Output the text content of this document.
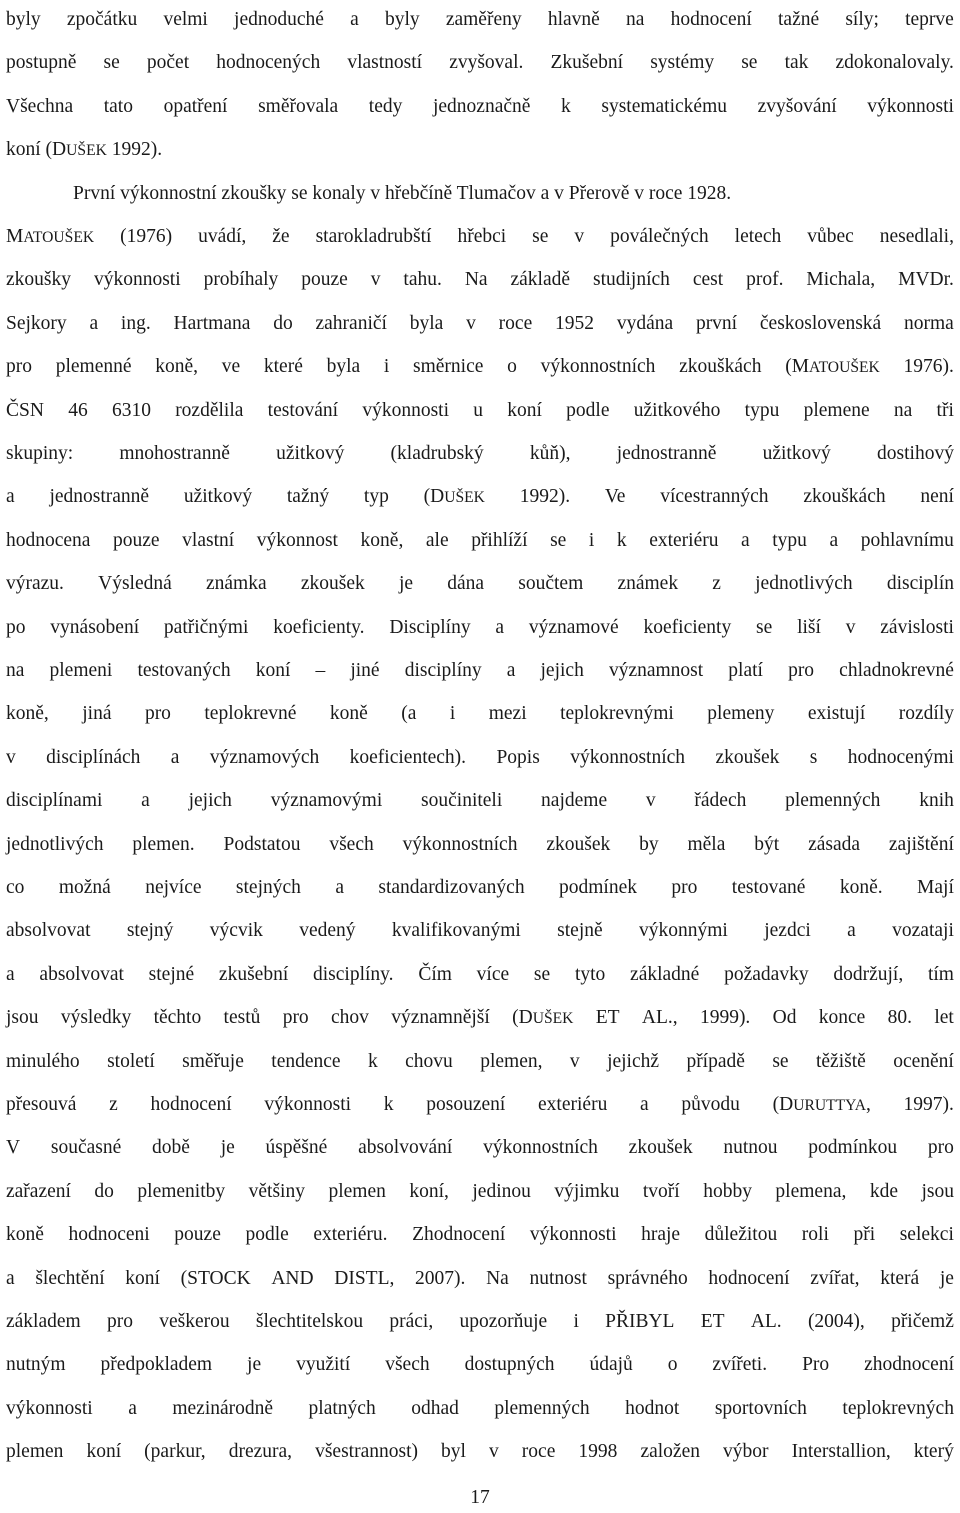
byly zpočátku velmi jednoduché a byly zaměřeny hlavně na hodnocení tažné síly; teprve
postupně se počet hodnocených vlastností zvyšoval. Zkušební systémy se tak zdokonalovaly.
Všechna tato opatření směřovala tedy jednoznačně k systematickému zvyšování výkonnosti
koní (DUŠEK 1992).
První výkonnostní zkoušky se konaly v hřebčíně Tlumačov a v Přerově v roce 1928.
MATOUŠEK (1976) uvádí, že starokladrubští hřebci se v poválečných letech vůbec nesedlali,
zkoušky výkonnosti probíhaly pouze v tahu. Na základě studijních cest prof. Michala, MVDr.
Sejkory a ing. Hartmana do zahraničí byla v roce 1952 vydána první československá norma
pro plemenné koně, ve které byla i směrnice o výkonnostních zkouškách (MATOUŠEK 1976).
ČSN 46 6310 rozdělila testování výkonnosti u koní podle užitkového typu plemene na tři
skupiny: mnohostranně užitkový (kladrubský kůň), jednostranně užitkový dostihový
a jednostranně užitkový tažný typ (DUŠEK 1992). Ve vícestranných zkouškách není
hodnocena pouze vlastní výkonnost koně, ale přihlíží se i k exteriéru a typu a pohlavnímu
výrazu. Výsledná známka zkoušek je dána součtem známek z jednotlivých disciplín
po vynásobení patřičnými koeficienty. Disciplíny a významové koeficienty se liší v závislosti
na plemeni testovaných koní – jiné disciplíny a jejich významnost platí pro chladnokrevné
koně, jiná pro teplokrevné koně (a i mezi teplokrevnými plemeny existují rozdíly
v disciplínách a významových koeficientech). Popis výkonnostních zkoušek s hodnocenými
disciplínami a jejich významovými součiniteli najdeme v řádech plemenných knih
jednotlivých plemen. Podstatou všech výkonnostních zkoušek by měla být zásada zajištění
co možná nejvíce stejných a standardizovaných podmínek pro testované koně. Mají
absolvovat stejný výcvik vedený kvalifikovanými stejně výkonnými jezdci a vozataji
a absolvovat stejné zkušební disciplíny. Čím více se tyto základné požadavky dodržují, tím
jsou výsledky těchto testů pro chov významnější (DUŠEK ET AL., 1999). Od konce 80. let
minulého století směřuje tendence k chovu plemen, v jejichž případě se těžiště ocenění
přesouvá z hodnocení výkonnosti k posouzení exteriéru a původu (DURUTTYA, 1997).
V současné době je úspěšné absolvování výkonnostních zkoušek nutnou podmínkou pro
zařazení do plemenitby většiny plemen koní, jedinou výjimku tvoří hobby plemena, kde jsou
koně hodnoceni pouze podle exteriéru. Zhodnocení výkonnosti hraje důležitou roli při selekci
a šlechtění koní (STOCK AND DISTL, 2007). Na nutnost správného hodnocení zvířat, která je
základem pro veškerou šlechtitelskou práci, upozorňuje i PŘIBYL ET AL. (2004), přičemž
nutným předpokladem je využití všech dostupných údajů o zvířeti. Pro zhodnocení
výkonnosti a mezinárodně platných odhad plemenných hodnot sportovních teplokrevných
plemen koní (parkur, drezura, všestrannost) byl v roce 1998 založen výbor Interstallion, který
17
